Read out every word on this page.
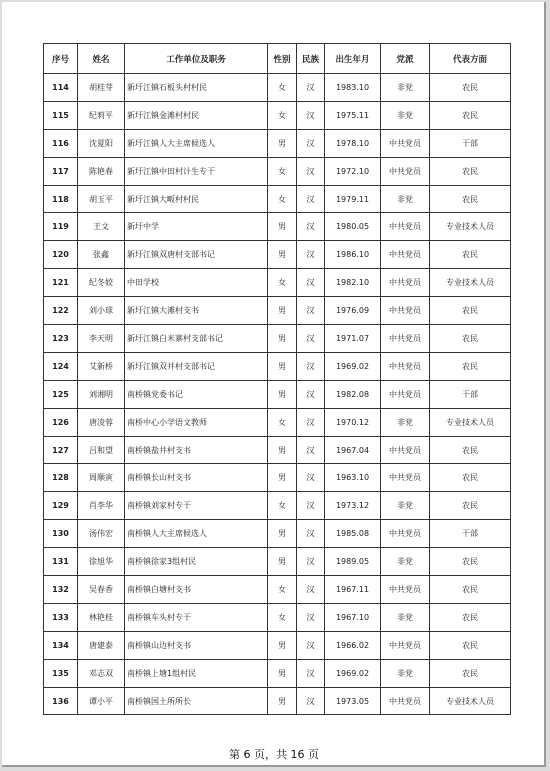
序号	姓名	工作单位及职务	性别	民族	出生年月	党派	代表方面
114	胡桂芽	新圩江镇石板头村村民	女	汉	1983.10	非党	农民
115	纪莉平	新圩江镇金滩村村民	女	汉	1975.11	非党	农民
116	沈夏阳	新圩江镇人大主席候选人	男	汉	1978.10	中共党员	干部
117	陈艳春	新圩江镇中田村计生专干	女	汉	1972.10	中共党员	农民
118	胡玉平	新圩江镇大畈村村民	女	汉	1979.11	非党	农民
119	王文	新圩中学	男	汉	1980.05	中共党员	专业技术人员
120	张鑫	新圩江镇双唐村支部书记	男	汉	1986.10	中共党员	农民
121	纪冬姣	中田学校	女	汉	1982.10	中共党员	专业技术人员
122	刘小球	新圩江镇大滩村支书	男	汉	1976.09	中共党员	农民
123	李天明	新圩江镇白米寨村支部书记	男	汉	1971.07	中共党员	农民
124	艾新桥	新圩江镇双井村支部书记	男	汉	1969.02	中共党员	农民
125	刘湘明	南桥镇党委书记	男	汉	1982.08	中共党员	干部
126	唐凌蓉	南桥中心小学语文教师	女	汉	1970.12	非党	专业技术人员
127	吕和望	南桥镇盐井村支书	男	汉	1967.04	中共党员	农民
128	周顺寅	南桥镇长山村支书	男	汉	1963.10	中共党员	农民
129	肖李华	南桥镇刘家村专干	女	汉	1973.12	非党	农民
130	汤伟宏	南桥镇人大主席候选人	男	汉	1985.08	中共党员	干部
131	徐旭华	南桥镇徐家3组村民	男	汉	1989.05	非党	农民
132	吴春香	南桥镇白塘村支书	女	汉	1967.11	中共党员	农民
133	林艳桂	南桥镇车头村专干	女	汉	1967.10	非党	农民
134	唐建泰	南桥镇山边村支书	男	汉	1966.02	中共党员	农民
135	邓志双	南桥镇上塘1组村民	男	汉	1969.02	非党	农民
136	谭小平	南桥镇国土所所长	男	汉	1973.05	中共党员	专业技术人员
第 6 页，共 16 页
